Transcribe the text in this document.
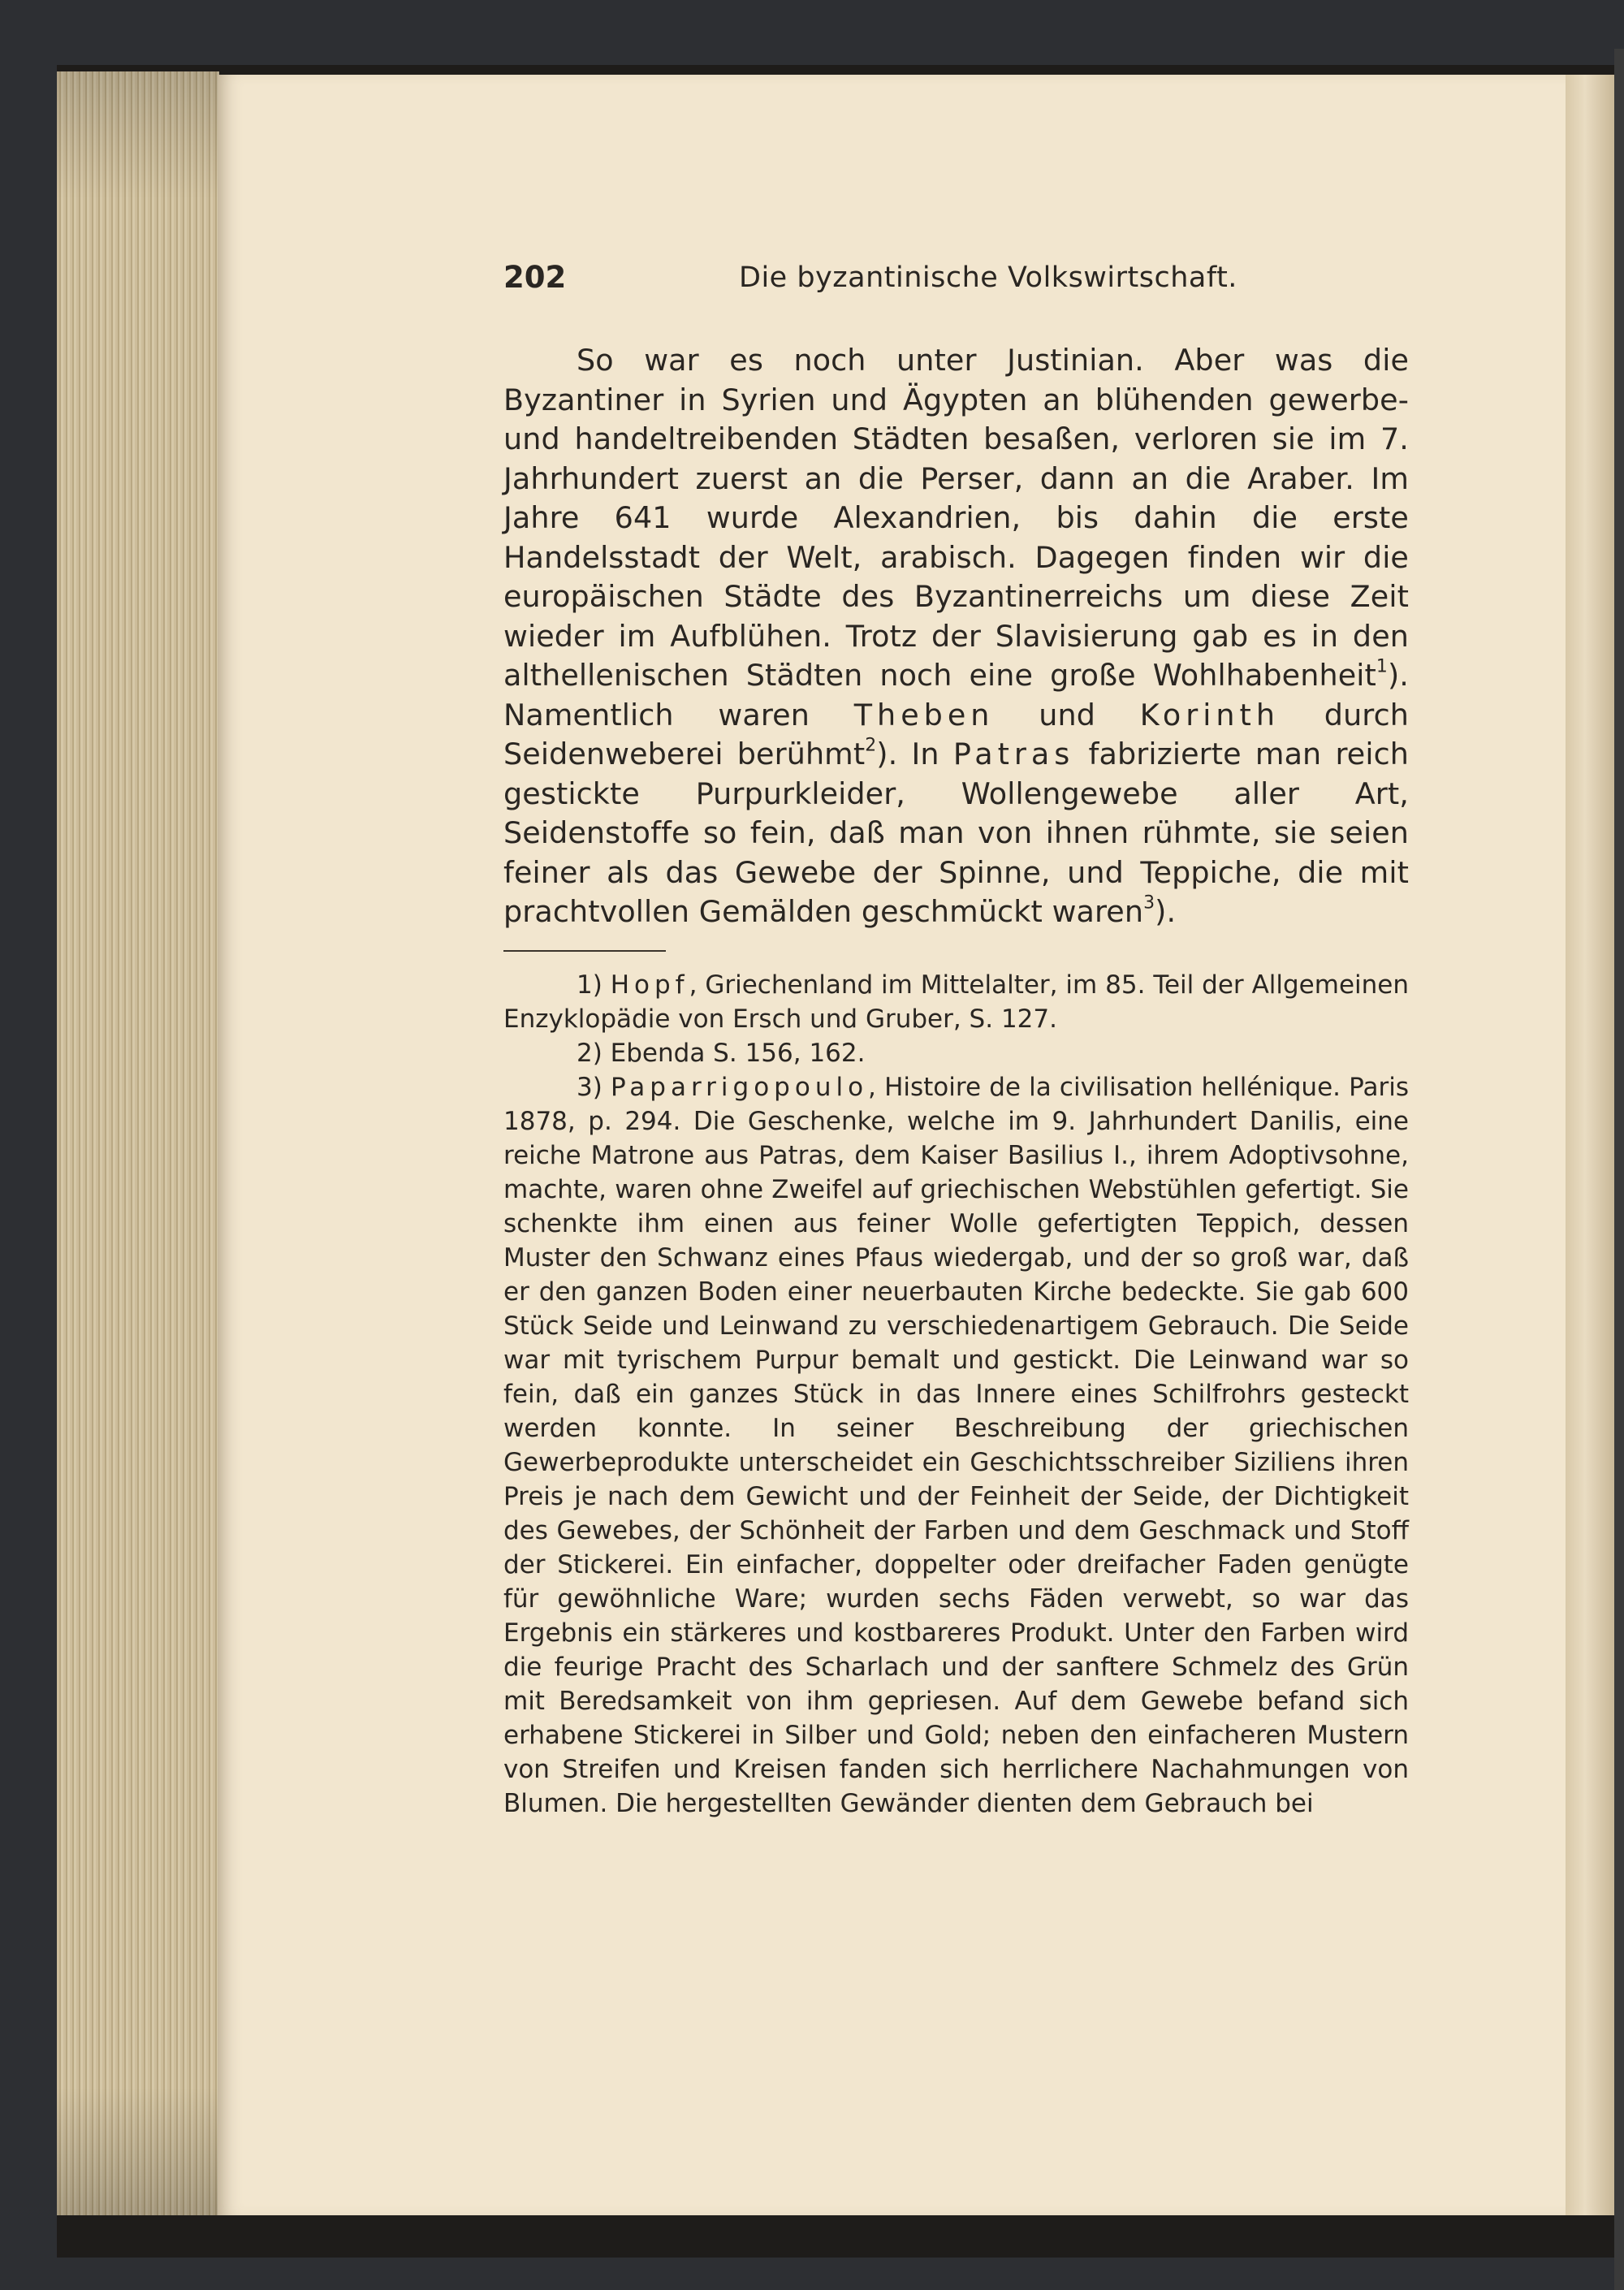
202	Die byzantinische Volkswirtschaft.

So war es noch unter Justinian. Aber was die Byzantiner in Syrien und Ägypten an blühenden gewerbe- und handeltreibenden Städten besaßen, verloren sie im 7. Jahrhundert zuerst an die Perser, dann an die Araber. Im Jahre 641 wurde Alexandrien, bis dahin die erste Handelsstadt der Welt, arabisch. Dagegen finden wir die europäischen Städte des Byzantinerreichs um diese Zeit wieder im Aufblühen. Trotz der Slavisierung gab es in den althellenischen Städten noch eine große Wohlhabenheit$^1$). Namentlich waren Theben und Korinth durch Seidenweberei berühmt$^2$). In Patras fabrizierte man reich gestickte Purpurkleider, Wollengewebe aller Art, Seidenstoffe so fein, daß man von ihnen rühmte, sie seien feiner als das Gewebe der Spinne, und Teppiche, die mit prachtvollen Gemälden geschmückt waren$^3$).

1) Hopf, Griechenland im Mittelalter, im 85. Teil der Allgemeinen Enzyklopädie von Ersch und Gruber, S. 127.

2) Ebenda S. 156, 162.

3) Paparrigopoulo, Histoire de la civilisation hellénique. Paris 1878, p. 294. Die Geschenke, welche im 9. Jahrhundert Danilis, eine reiche Matrone aus Patras, dem Kaiser Basilius I., ihrem Adoptivsohne, machte, waren ohne Zweifel auf griechischen Webstühlen gefertigt. Sie schenkte ihm einen aus feiner Wolle gefertigten Teppich, dessen Muster den Schwanz eines Pfaus wiedergab, und der so groß war, daß er den ganzen Boden einer neuerbauten Kirche bedeckte. Sie gab 600 Stück Seide und Leinwand zu verschiedenartigem Gebrauch. Die Seide war mit tyrischem Purpur bemalt und gestickt. Die Leinwand war so fein, daß ein ganzes Stück in das Innere eines Schilfrohrs gesteckt werden konnte. In seiner Beschreibung der griechischen Gewerbeprodukte unterscheidet ein Geschichtsschreiber Siziliens ihren Preis je nach dem Gewicht und der Feinheit der Seide, der Dichtigkeit des Gewebes, der Schönheit der Farben und dem Geschmack und Stoff der Stickerei. Ein einfacher, doppelter oder dreifacher Faden genügte für gewöhnliche Ware; wurden sechs Fäden verwebt, so war das Ergebnis ein stärkeres und kostbareres Produkt. Unter den Farben wird die feurige Pracht des Scharlach und der sanftere Schmelz des Grün mit Beredsamkeit von ihm gepriesen. Auf dem Gewebe befand sich erhabene Stickerei in Silber und Gold; neben den einfacheren Mustern von Streifen und Kreisen fanden sich herrlichere Nachahmungen von Blumen. Die hergestellten Gewänder dienten dem Gebrauch bei
